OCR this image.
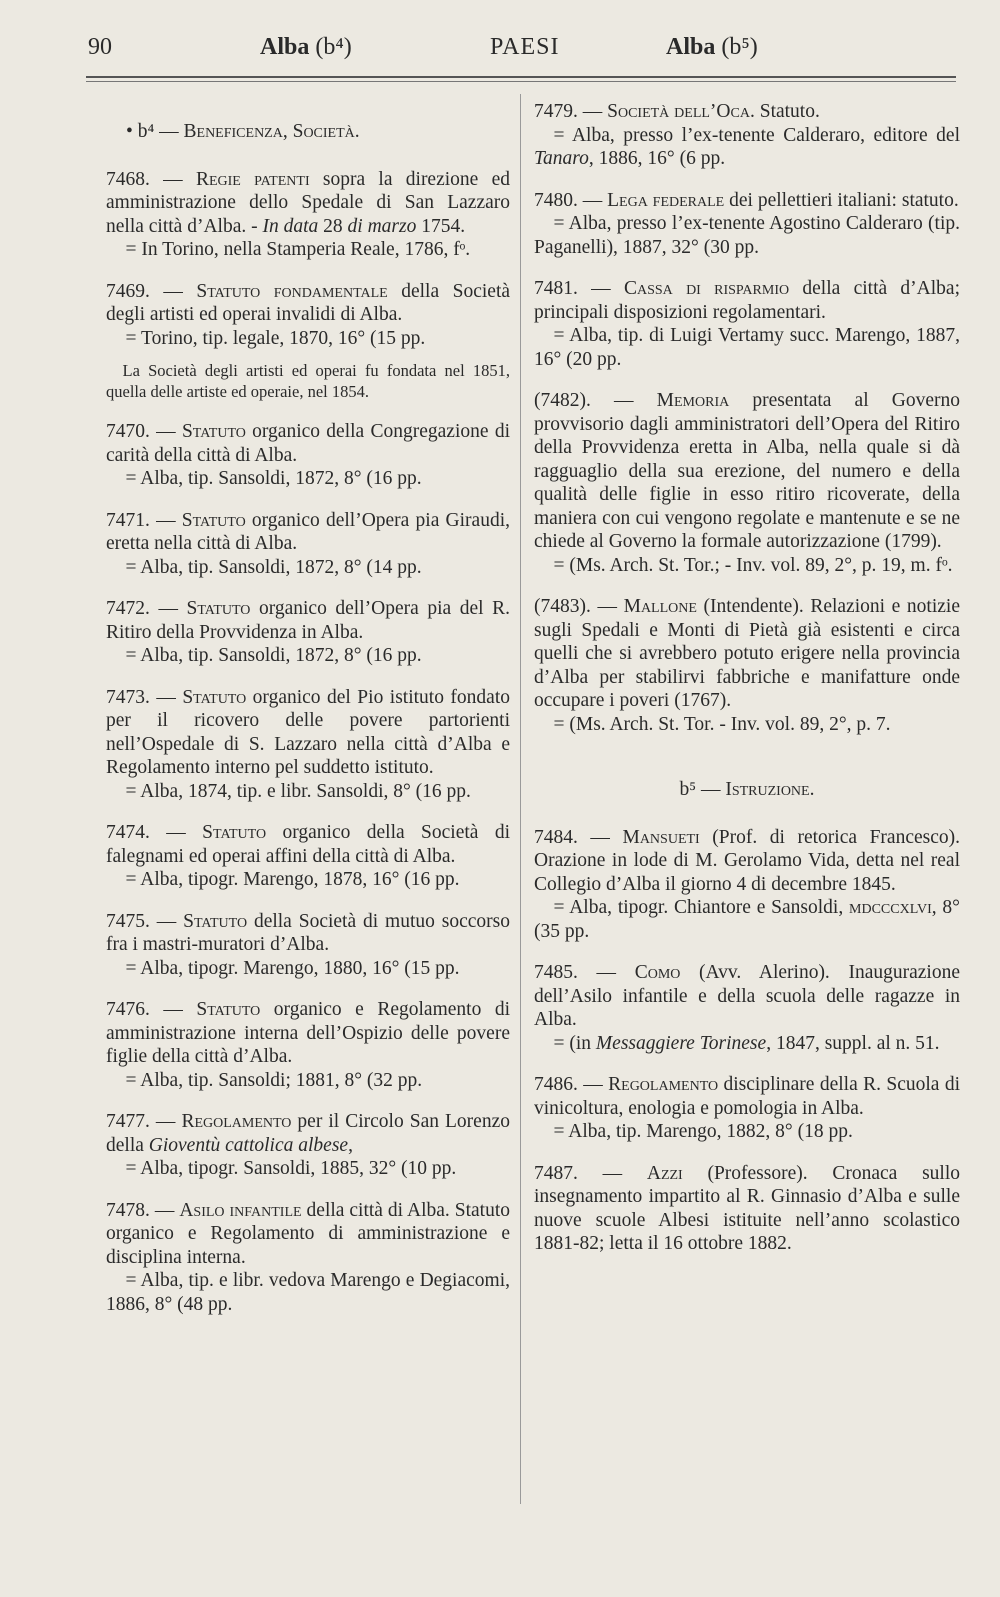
90	Alba (b⁴)	PAESI	Alba (b⁵)
• b⁴ — Beneficenza, Società.
7468. — Regie patenti sopra la direzione ed amministrazione dello Spedale di San Lazzaro nella città d’Alba. - In data 28 di marzo 1754.
 = In Torino, nella Stamperia Reale, 1786, fᵒ.
7469. — Statuto fondamentale della Società degli artisti ed operai invalidi di Alba.
 = Torino, tip. legale, 1870, 16° (15 pp.
 La Società degli artisti ed operai fu fondata nel 1851, quella delle artiste ed operaie, nel 1854.
7470. — Statuto organico della Congregazione di carità della città di Alba.
 = Alba, tip. Sansoldi, 1872, 8° (16 pp.
7471. — Statuto organico dell’Opera pia Giraudi, eretta nella città di Alba.
 = Alba, tip. Sansoldi, 1872, 8° (14 pp.
7472. — Statuto organico dell’Opera pia del R. Ritiro della Provvidenza in Alba.
 = Alba, tip. Sansoldi, 1872, 8° (16 pp.
7473. — Statuto organico del Pio istituto fondato per il ricovero delle povere partorienti nell’Ospedale di S. Lazzaro nella città d’Alba e Regolamento interno pel suddetto istituto.
 = Alba, 1874, tip. e libr. Sansoldi, 8° (16 pp.
7474. — Statuto organico della Società di falegnami ed operai affini della città di Alba.
 = Alba, tipogr. Marengo, 1878, 16° (16 pp.
7475. — Statuto della Società di mutuo soccorso fra i mastri-muratori d’Alba.
 = Alba, tipogr. Marengo, 1880, 16° (15 pp.
7476. — Statuto organico e Regolamento di amministrazione interna dell’Ospizio delle povere figlie della città d’Alba.
 = Alba, tip. Sansoldi; 1881, 8° (32 pp.
7477. — Regolamento per il Circolo San Lorenzo della Gioventù cattolica albese,
 = Alba, tipogr. Sansoldi, 1885, 32° (10 pp.
7478. — Asilo infantile della città di Alba. Statuto organico e Regolamento di amministrazione e disciplina interna.
 = Alba, tip. e libr. vedova Marengo e Degiacomi, 1886, 8° (48 pp.
7479. — Società dell’Oca. Statuto.
 = Alba, presso l’ex-tenente Calderaro, editore del Tanaro, 1886, 16° (6 pp.
7480. — Lega federale dei pellettieri italiani: statuto.
 = Alba, presso l’ex-tenente Agostino Calderaro (tip. Paganelli), 1887, 32° (30 pp.
7481. — Cassa di risparmio della città d’Alba; principali disposizioni regolamentari.
 = Alba, tip. di Luigi Vertamy succ. Marengo, 1887, 16° (20 pp.
(7482). — Memoria presentata al Governo provvisorio dagli amministratori dell’Opera del Ritiro della Provvidenza eretta in Alba, nella quale si dà ragguaglio della sua erezione, del numero e della qualità delle figlie in esso ritiro ricoverate, della maniera con cui vengono regolate e mantenute e se ne chiede al Governo la formale autorizzazione (1799).
 = (Ms. Arch. St. Tor.; - Inv. vol. 89, 2°, p. 19, m. fᵒ.
(7483). — Mallone (Intendente). Relazioni e notizie sugli Spedali e Monti di Pietà già esistenti e circa quelli che si avrebbero potuto erigere nella provincia d’Alba per stabilirvi fabbriche e manifatture onde occupare i poveri (1767).
 = (Ms. Arch. St. Tor. - Inv. vol. 89, 2°, p. 7.
b⁵ — Istruzione.
7484. — Mansueti (Prof. di retorica Francesco). Orazione in lode di M. Gerolamo Vida, detta nel real Collegio d’Alba il giorno 4 di decembre 1845.
 = Alba, tipogr. Chiantore e Sansoldi, mdcccxlvi, 8° (35 pp.
7485. — Como (Avv. Alerino). Inaugurazione dell’Asilo infantile e della scuola delle ragazze in Alba.
 = (in Messaggiere Torinese, 1847, suppl. al n. 51.
7486. — Regolamento disciplinare della R. Scuola di vinicoltura, enologia e pomologia in Alba.
 = Alba, tip. Marengo, 1882, 8° (18 pp.
7487. — Azzi (Professore). Cronaca sullo insegnamento impartito al R. Ginnasio d’Alba e sulle nuove scuole Albesi istituite nell’anno scolastico 1881-82; letta il 16 ottobre 1882.
